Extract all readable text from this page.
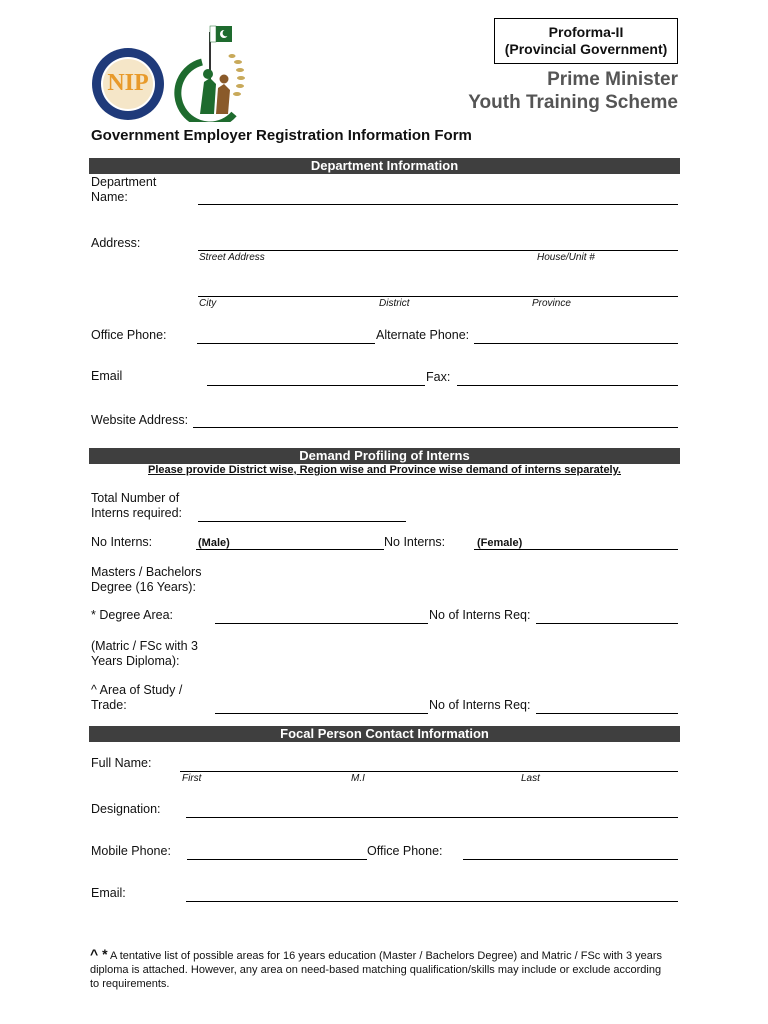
Proforma-II
(Provincial Government)
NIP	Prime Minister
Youth Training Scheme
Government Employer Registration Information Form
Department Information
Department
Name:
Address:
Street Address	House/Unit #
City	District	Province
Office Phone:	Alternate Phone:
Email	Fax:
Website Address:
Demand Profiling of Interns
Please provide District wise, Region wise and Province wise demand of interns separately.
Total Number of
Interns required:
No Interns:	(Male)	No Interns:	(Female)
Masters / Bachelors
Degree (16 Years):
* Degree Area:	No of Interns Req:
(Matric / FSc with 3
Years Diploma):
^ Area of Study /
Trade:	No of Interns Req:
Focal Person Contact Information
Full Name:
First	M.I	Last
Designation:
Mobile Phone:	Office Phone:
Email:
^ * A tentative list of possible areas for 16 years education (Master / Bachelors Degree) and Matric / FSc with 3 years diploma is attached. However, any area on need-based matching qualification/skills may include or exclude according to requirements.
